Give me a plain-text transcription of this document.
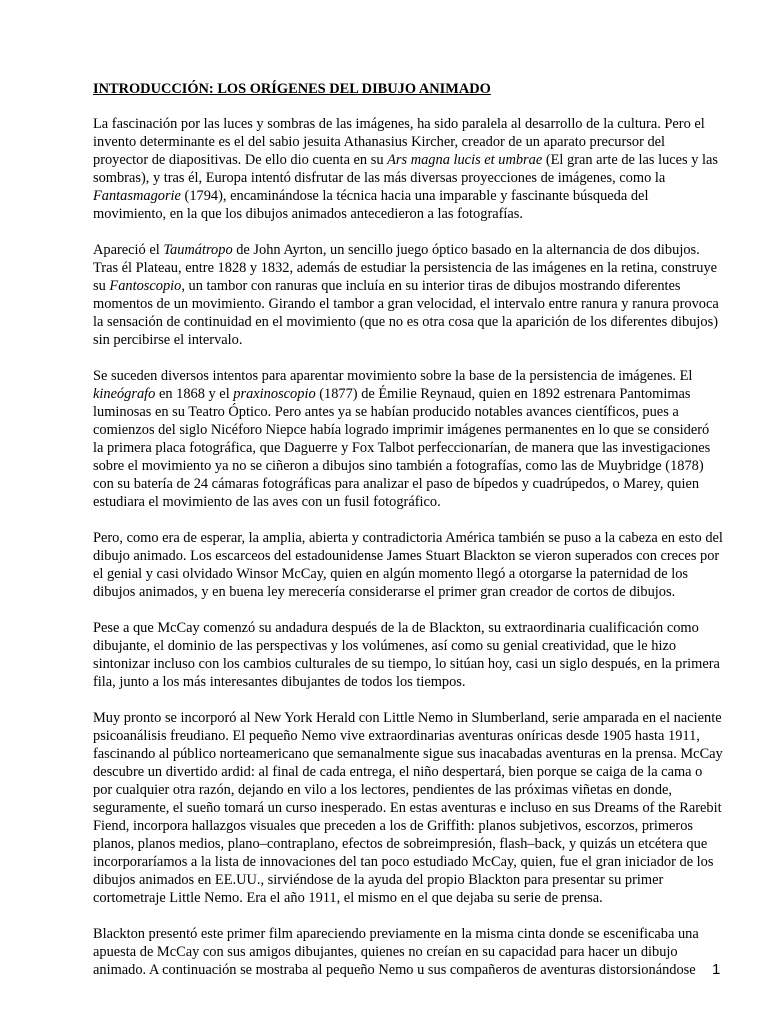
INTRODUCCIÓN: LOS ORÍGENES DEL DIBUJO ANIMADO

La fascinación por las luces y sombras de las imágenes, ha sido paralela al desarrollo de la cultura. Pero el invento determinante es el del sabio jesuita Athanasius Kircher, creador de un aparato precursor del proyector de diapositivas. De ello dio cuenta en su Ars magna lucis et umbrae (El gran arte de las luces y las sombras), y tras él, Europa intentó disfrutar de las más diversas proyecciones de imágenes, como la Fantasmagorie (1794), encaminándose la técnica hacia una imparable y fascinante búsqueda del movimiento, en la que los dibujos animados antecedieron a las fotografías.

Apareció el Taumátropo de John Ayrton, un sencillo juego óptico basado en la alternancia de dos dibujos. Tras él Plateau, entre 1828 y 1832, además de estudiar la persistencia de las imágenes en la retina, construye su Fantoscopio, un tambor con ranuras que incluía en su interior tiras de dibujos mostrando diferentes momentos de un movimiento. Girando el tambor a gran velocidad, el intervalo entre ranura y ranura provoca la sensación de continuidad en el movimiento (que no es otra cosa que la aparición de los diferentes dibujos) sin percibirse el intervalo.

Se suceden diversos intentos para aparentar movimiento sobre la base de la persistencia de imágenes. El kineógrafo en 1868 y el praxinoscopio (1877) de Émilie Reynaud, quien en 1892 estrenara Pantomimas luminosas en su Teatro Óptico. Pero antes ya se habían producido notables avances científicos, pues a comienzos del siglo Nicéforo Niepce había logrado imprimir imágenes permanentes en lo que se consideró la primera placa fotográfica, que Daguerre y Fox Talbot perfeccionarían, de manera que las investigaciones sobre el movimiento ya no se ciñeron a dibujos sino también a fotografías, como las de Muybridge (1878) con su batería de 24 cámaras fotográficas para analizar el paso de bípedos y cuadrúpedos, o Marey, quien estudiara el movimiento de las aves con un fusil fotográfico.

Pero, como era de esperar, la amplia, abierta y contradictoria América también se puso a la cabeza en esto del dibujo animado. Los escarceos del estadounidense James Stuart Blackton se vieron superados con creces por el genial y casi olvidado Winsor McCay, quien en algún momento llegó a otorgarse la paternidad de los dibujos animados, y en buena ley merecería considerarse el primer gran creador de cortos de dibujos.

Pese a que McCay comenzó su andadura después de la de Blackton, su extraordinaria cualificación como dibujante, el dominio de las perspectivas y los volúmenes, así como su genial creatividad, que le hizo sintonizar incluso con los cambios culturales de su tiempo, lo sitúan hoy, casi un siglo después, en la primera fila, junto a los más interesantes dibujantes de todos los tiempos.

Muy pronto se incorporó al New York Herald con Little Nemo in Slumberland, serie amparada en el naciente psicoanálisis freudiano. El pequeño Nemo vive extraordinarias aventuras oníricas desde 1905 hasta 1911, fascinando al público norteamericano que semanalmente sigue sus inacabadas aventuras en la prensa. McCay descubre un divertido ardid: al final de cada entrega, el niño despertará, bien porque se caiga de la cama o por cualquier otra razón, dejando en vilo a los lectores, pendientes de las próximas viñetas en donde, seguramente, el sueño tomará un curso inesperado. En estas aventuras e incluso en sus Dreams of the Rarebit Fiend, incorpora hallazgos visuales que preceden a los de Griffith: planos subjetivos, escorzos, primeros planos, planos medios, plano–contraplano, efectos de sobreimpresión, flash–back, y quizás un etcétera que incorporaríamos a la lista de innovaciones del tan poco estudiado McCay, quien, fue el gran iniciador de los dibujos animados en EE.UU., sirviéndose de la ayuda del propio Blackton para presentar su primer cortometraje Little Nemo. Era el año 1911, el mismo en el que dejaba su serie de prensa.

Blackton presentó este primer film apareciendo previamente en la misma cinta donde se escenificaba una apuesta de McCay con sus amigos dibujantes, quienes no creían en su capacidad para hacer un dibujo animado. A continuación se mostraba al pequeño Nemo u sus compañeros de aventuras distorsionándose	1
